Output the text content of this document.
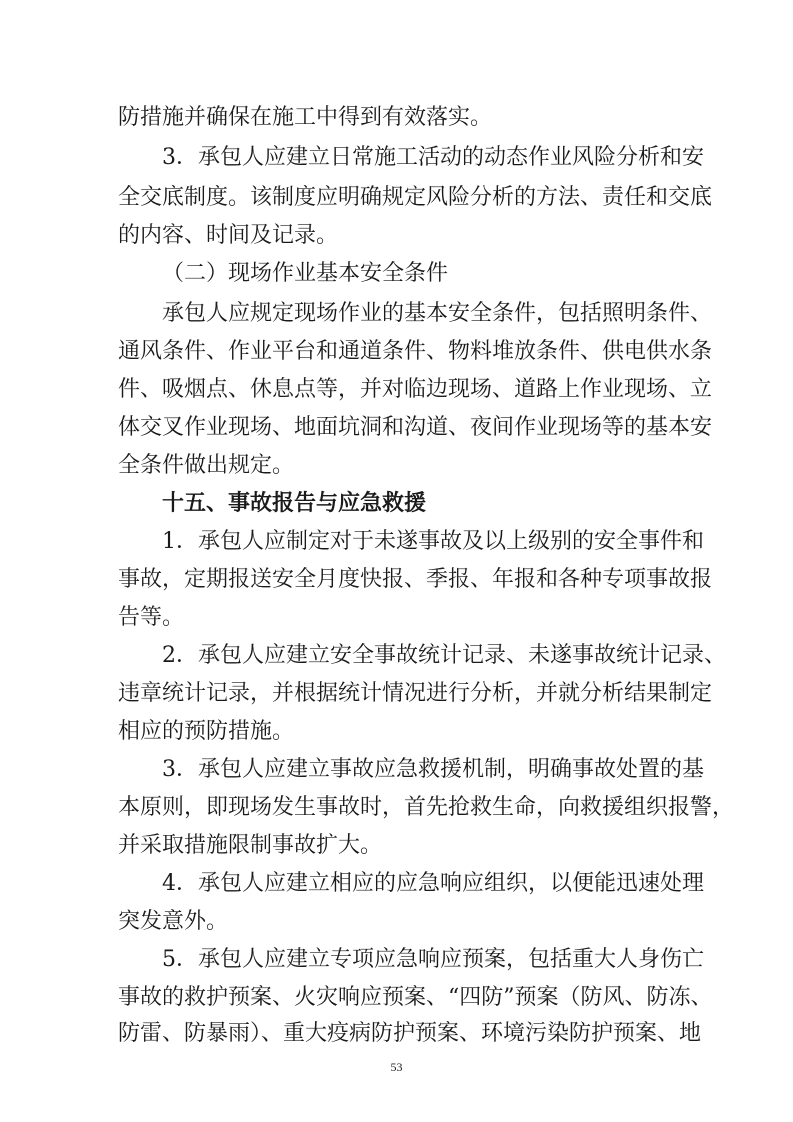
防措施并确保在施工中得到有效落实。
3．承包人应建立日常施工活动的动态作业风险分析和安
全交底制度。该制度应明确规定风险分析的方法、责任和交底
的内容、时间及记录。
（二）现场作业基本安全条件
承包人应规定现场作业的基本安全条件，包括照明条件、
通风条件、作业平台和通道条件、物料堆放条件、供电供水条
件、吸烟点、休息点等，并对临边现场、道路上作业现场、立
体交叉作业现场、地面坑洞和沟道、夜间作业现场等的基本安
全条件做出规定。
十五、事故报告与应急救援
1．承包人应制定对于未遂事故及以上级别的安全事件和
事故，定期报送安全月度快报、季报、年报和各种专项事故报
告等。
2．承包人应建立安全事故统计记录、未遂事故统计记录、
违章统计记录，并根据统计情况进行分析，并就分析结果制定
相应的预防措施。
3．承包人应建立事故应急救援机制，明确事故处置的基
本原则，即现场发生事故时，首先抢救生命，向救援组织报警，
并采取措施限制事故扩大。
4．承包人应建立相应的应急响应组织，以便能迅速处理
突发意外。
5．承包人应建立专项应急响应预案，包括重大人身伤亡
事故的救护预案、火灾响应预案、“四防”预案（防风、防冻、
防雷、防暴雨）、重大疫病防护预案、环境污染防护预案、地
53
